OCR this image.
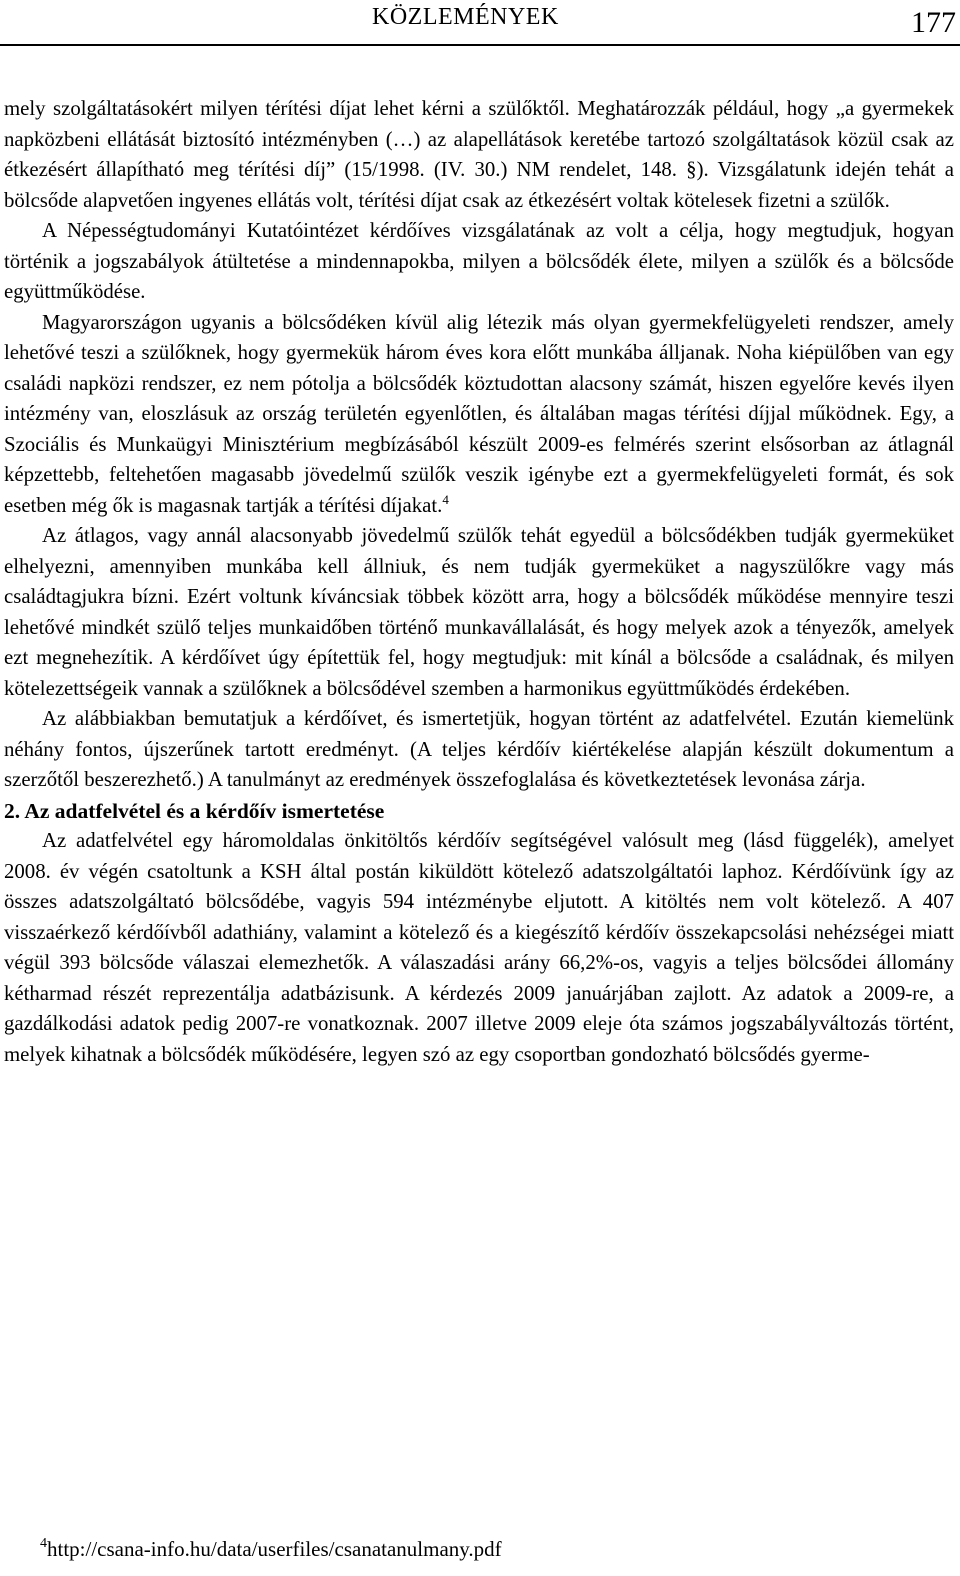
KÖZLEMÉNYEK	177

mely szolgáltatásokért milyen térítési díjat lehet kérni a szülőktől. Meghatározzák például, hogy „a gyermekek napközbeni ellátását biztosító intézményben (…) az alapellátások keretébe tartozó szolgáltatások közül csak az étkezésért állapítható meg térítési díj” (15/1998. (IV. 30.) NM rendelet, 148. §). Vizsgálatunk idején tehát a bölcsőde alapvetően ingyenes ellátás volt, térítési díjat csak az étkezésért voltak kötelesek fizetni a szülők.

A Népességtudományi Kutatóintézet kérdőíves vizsgálatának az volt a célja, hogy megtudjuk, hogyan történik a jogszabályok átültetése a mindennapokba, milyen a bölcsődék élete, milyen a szülők és a bölcsőde együttműködése.

Magyarországon ugyanis a bölcsődéken kívül alig létezik más olyan gyermekfelügyeleti rendszer, amely lehetővé teszi a szülőknek, hogy gyermekük három éves kora előtt munkába álljanak. Noha kiépülőben van egy családi napközi rendszer, ez nem pótolja a bölcsődék köztudottan alacsony számát, hiszen egyelőre kevés ilyen intézmény van, eloszlásuk az ország területén egyenlőtlen, és általában magas térítési díjjal működnek. Egy, a Szociális és Munkaügyi Minisztérium megbízásából készült 2009-es felmérés szerint elsősorban az átlagnál képzettebb, feltehetően magasabb jövedelmű szülők veszik igénybe ezt a gyermekfelügyeleti formát, és sok esetben még ők is magasnak tartják a térítési díjakat.$^4$

Az átlagos, vagy annál alacsonyabb jövedelmű szülők tehát egyedül a bölcsődékben tudják gyermeküket elhelyezni, amennyiben munkába kell állniuk, és nem tudják gyermeküket a nagyszülőkre vagy más családtagjukra bízni. Ezért voltunk kíváncsiak többek között arra, hogy a bölcsődék működése mennyire teszi lehetővé mindkét szülő teljes munkaidőben történő munkavállalását, és hogy melyek azok a tényezők, amelyek ezt megnehezítik. A kérdőívet úgy építettük fel, hogy megtudjuk: mit kínál a bölcsőde a családnak, és milyen kötelezettségeik vannak a szülőknek a bölcsődével szemben a harmonikus együttműködés érdekében.

Az alábbiakban bemutatjuk a kérdőívet, és ismertetjük, hogyan történt az adatfelvétel. Ezután kiemelünk néhány fontos, újszerűnek tartott eredményt. (A teljes kérdőív kiértékelése alapján készült dokumentum a szerzőtől beszerezhető.) A tanulmányt az eredmények összefoglalása és következtetések levonása zárja.

2. Az adatfelvétel és a kérdőív ismertetése

Az adatfelvétel egy háromoldalas önkitöltős kérdőív segítségével valósult meg (lásd függelék), amelyet 2008. év végén csatoltunk a KSH által postán kiküldött kötelező adatszolgáltatói laphoz. Kérdőívünk így az összes adatszolgáltató bölcsődébe, vagyis 594 intézménybe eljutott. A kitöltés nem volt kötelező. A 407 visszaérkező kérdőívből adathiány, valamint a kötelező és a kiegészítő kérdőív összekapcsolási nehézségei miatt végül 393 bölcsőde válaszai elemezhetők. A válaszadási arány 66,2%-os, vagyis a teljes bölcsődei állomány kétharmad részét reprezentálja adatbázisunk. A kérdezés 2009 januárjában zajlott. Az adatok a 2009-re, a gazdálkodási adatok pedig 2007-re vonatkoznak. 2007 illetve 2009 eleje óta számos jogszabályváltozás történt, melyek kihatnak a bölcsődék működésére, legyen szó az egy csoportban gondozható bölcsődés gyerme-

$^4$http://csana-info.hu/data/userfiles/csanatanulmany.pdf
